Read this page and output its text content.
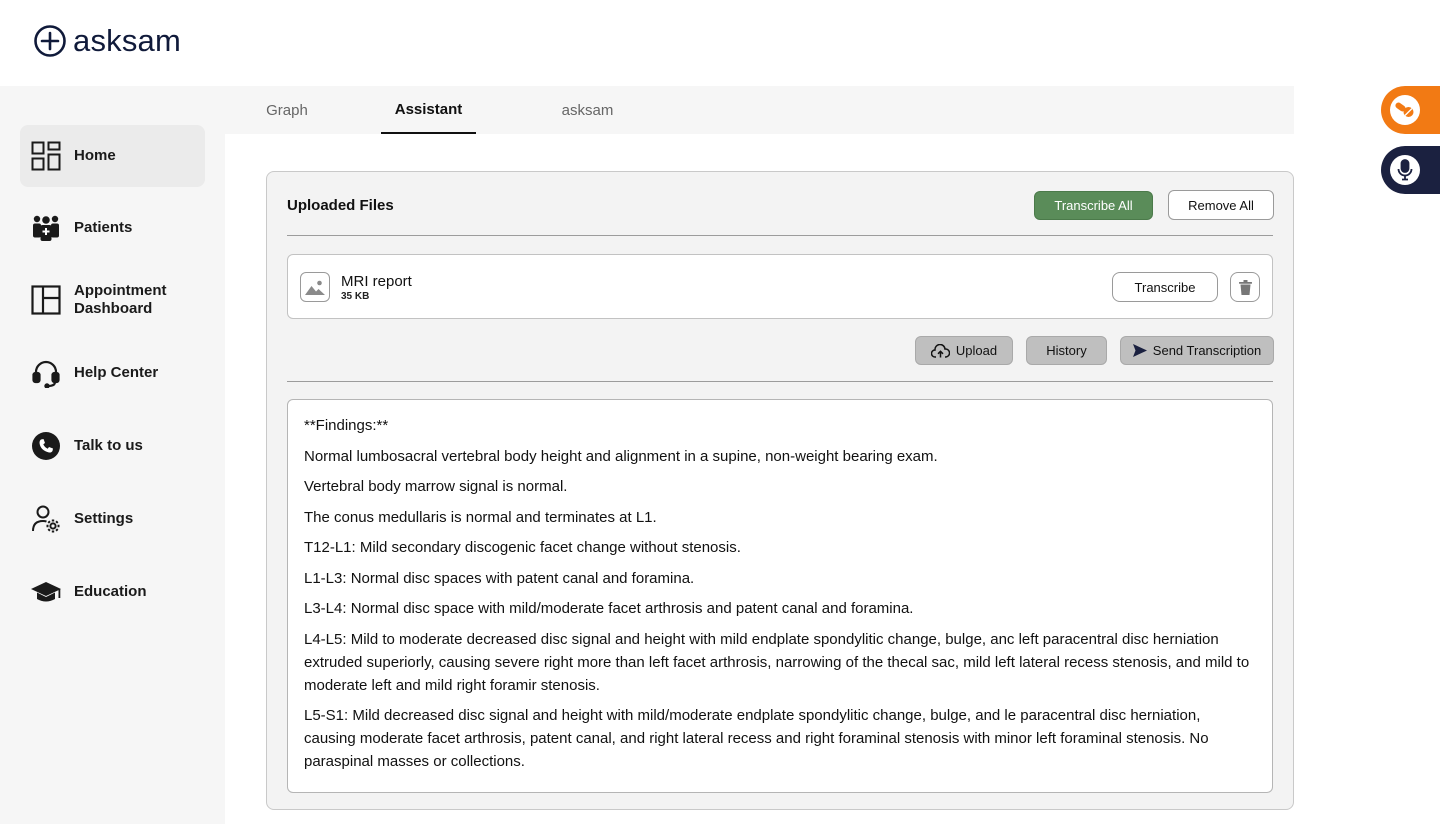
asksam
Home
Patients
Appointment Dashboard
Help Center
Talk to us
Settings
Education
Graph	Assistant	asksam
Uploaded Files	Transcribe All	Remove All
MRI report
35 KB
Transcribe
Upload	History	Send Transcription

**Findings:**

Normal lumbosacral vertebral body height and alignment in a supine, non-weight bearing exam.

Vertebral body marrow signal is normal.

The conus medullaris is normal and terminates at L1.

T12-L1: Mild secondary discogenic facet change without stenosis.

L1-L3: Normal disc spaces with patent canal and foramina.

L3-L4: Normal disc space with mild/moderate facet arthrosis and patent canal and foramina.

L4-L5: Mild to moderate decreased disc signal and height with mild endplate spondylitic change, bulge, anc left paracentral disc herniation extruded superiorly, causing severe right more than left facet arthrosis, narrowing of the thecal sac, mild left lateral recess stenosis, and mild to moderate left and mild right foramir stenosis.

L5-S1: Mild decreased disc signal and height with mild/moderate endplate spondylitic change, bulge, and le paracentral disc herniation, causing moderate facet arthrosis, patent canal, and right lateral recess and right foraminal stenosis with minor left foraminal stenosis. No paraspinal masses or collections.
